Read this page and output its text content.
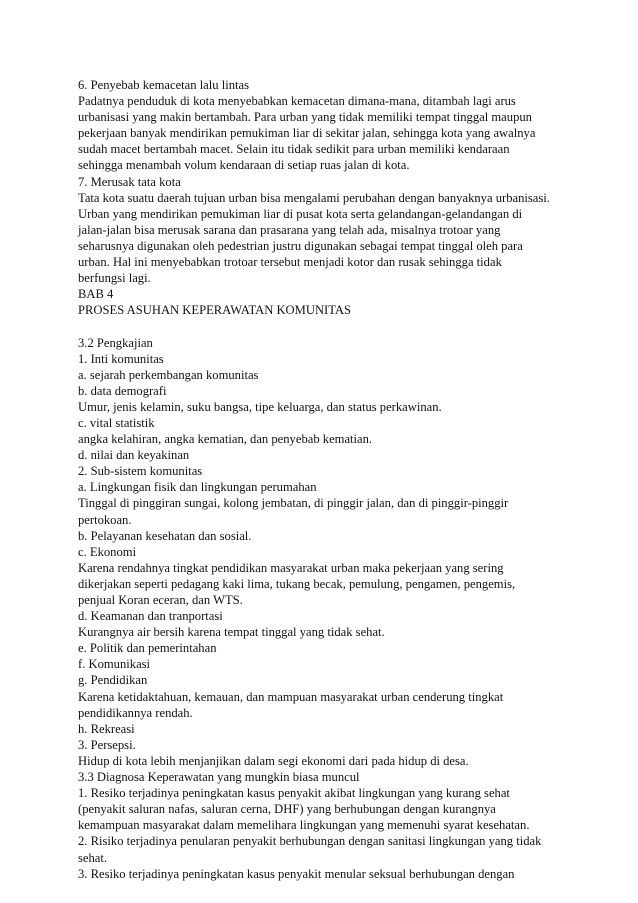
6. Penyebab kemacetan lalu lintas
Padatnya penduduk di kota menyebabkan kemacetan dimana-mana, ditambah lagi arus
urbanisasi yang makin bertambah. Para urban yang tidak memiliki tempat tinggal maupun
pekerjaan banyak mendirikan pemukiman liar di sekitar jalan, sehingga kota yang awalnya
sudah macet bertambah macet. Selain itu tidak sedikit para urban memiliki kendaraan
sehingga menambah volum kendaraan di setiap ruas jalan di kota.
7. Merusak tata kota
Tata kota suatu daerah tujuan urban bisa mengalami perubahan dengan banyaknya urbanisasi.
Urban yang mendirikan pemukiman liar di pusat kota serta gelandangan-gelandangan di
jalan-jalan bisa merusak sarana dan prasarana yang telah ada, misalnya trotoar yang
seharusnya digunakan oleh pedestrian justru digunakan sebagai tempat tinggal oleh para
urban. Hal ini menyebabkan trotoar tersebut menjadi kotor dan rusak sehingga tidak
berfungsi lagi.
BAB 4
PROSES ASUHAN KEPERAWATAN KOMUNITAS
3.2 Pengkajian
1. Inti komunitas
a. sejarah perkembangan komunitas
b. data demografi
Umur, jenis kelamin, suku bangsa, tipe keluarga, dan status perkawinan.
c. vital statistik
angka kelahiran, angka kematian, dan penyebab kematian.
d. nilai dan keyakinan
2. Sub-sistem komunitas
a. Lingkungan fisik dan lingkungan perumahan
Tinggal di pinggiran sungai, kolong jembatan, di pinggir jalan, dan di pinggir-pinggir
pertokoan.
b. Pelayanan kesehatan dan sosial.
c. Ekonomi
Karena rendahnya tingkat pendidikan masyarakat urban maka pekerjaan yang sering
dikerjakan seperti pedagang kaki lima, tukang becak, pemulung, pengamen, pengemis,
penjual Koran eceran, dan WTS.
d. Keamanan dan tranportasi
Kurangnya air bersih karena tempat tinggal yang tidak sehat.
e. Politik dan pemerintahan
f. Komunikasi
g. Pendidikan
Karena ketidaktahuan, kemauan, dan mampuan masyarakat urban cenderung tingkat
pendidikannya rendah.
h. Rekreasi
3. Persepsi.
Hidup di kota lebih menjanjikan dalam segi ekonomi dari pada hidup di desa.
3.3 Diagnosa Keperawatan yang mungkin biasa muncul
1. Resiko terjadinya peningkatan kasus penyakit akibat lingkungan yang kurang sehat
(penyakit saluran nafas, saluran cerna, DHF) yang berhubungan dengan kurangnya
kemampuan masyarakat dalam memelihara lingkungan yang memenuhi syarat kesehatan.
2. Risiko terjadinya penularan penyakit berhubungan dengan sanitasi lingkungan yang tidak
sehat.
3. Resiko terjadinya peningkatan kasus penyakit menular seksual berhubungan dengan
